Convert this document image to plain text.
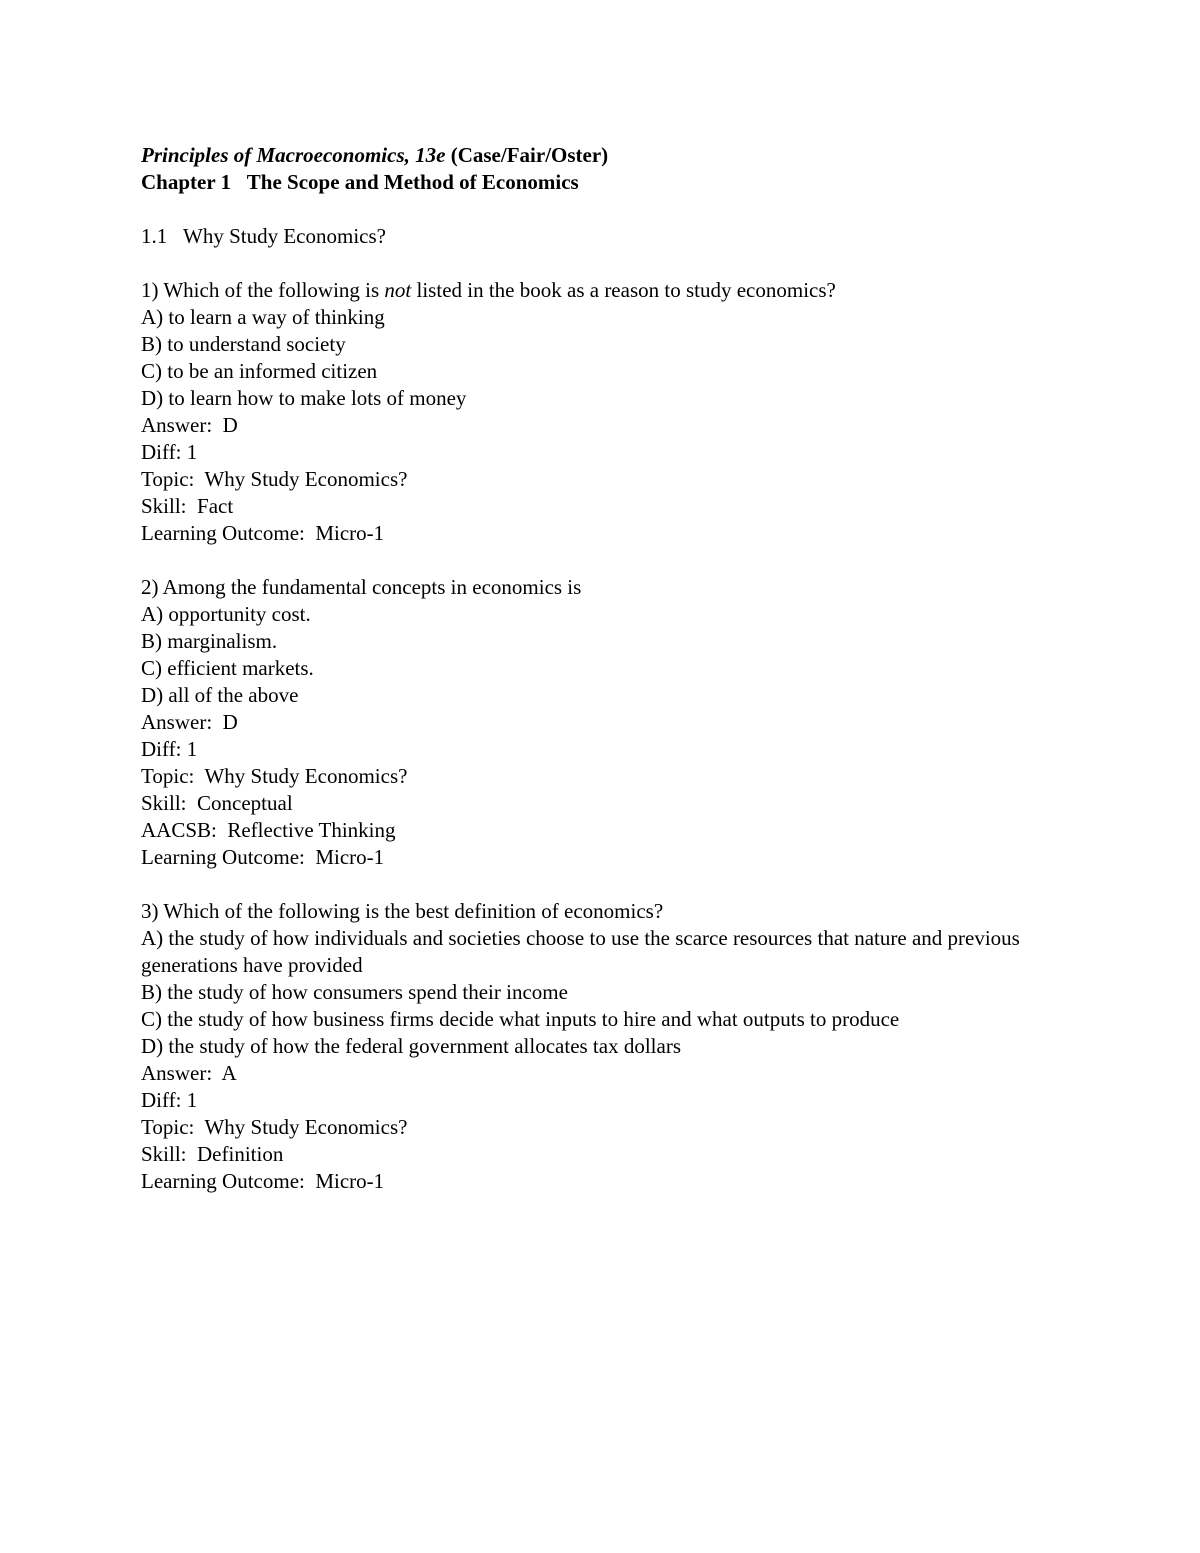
Principles of Macroeconomics, 13e (Case/Fair/Oster)
Chapter 1 The Scope and Method of Economics
1.1 Why Study Economics?
1) Which of the following is not listed in the book as a reason to study economics?
A) to learn a way of thinking
B) to understand society
C) to be an informed citizen
D) to learn how to make lots of money
Answer:  D
Diff: 1
Topic:  Why Study Economics?
Skill:  Fact
Learning Outcome:  Micro-1
2) Among the fundamental concepts in economics is
A) opportunity cost.
B) marginalism.
C) efficient markets.
D) all of the above
Answer:  D
Diff: 1
Topic:  Why Study Economics?
Skill:  Conceptual
AACSB:  Reflective Thinking
Learning Outcome:  Micro-1
3) Which of the following is the best definition of economics?
A) the study of how individuals and societies choose to use the scarce resources that nature and previous generations have provided
B) the study of how consumers spend their income
C) the study of how business firms decide what inputs to hire and what outputs to produce
D) the study of how the federal government allocates tax dollars
Answer:  A
Diff: 1
Topic:  Why Study Economics?
Skill:  Definition
Learning Outcome:  Micro-1
